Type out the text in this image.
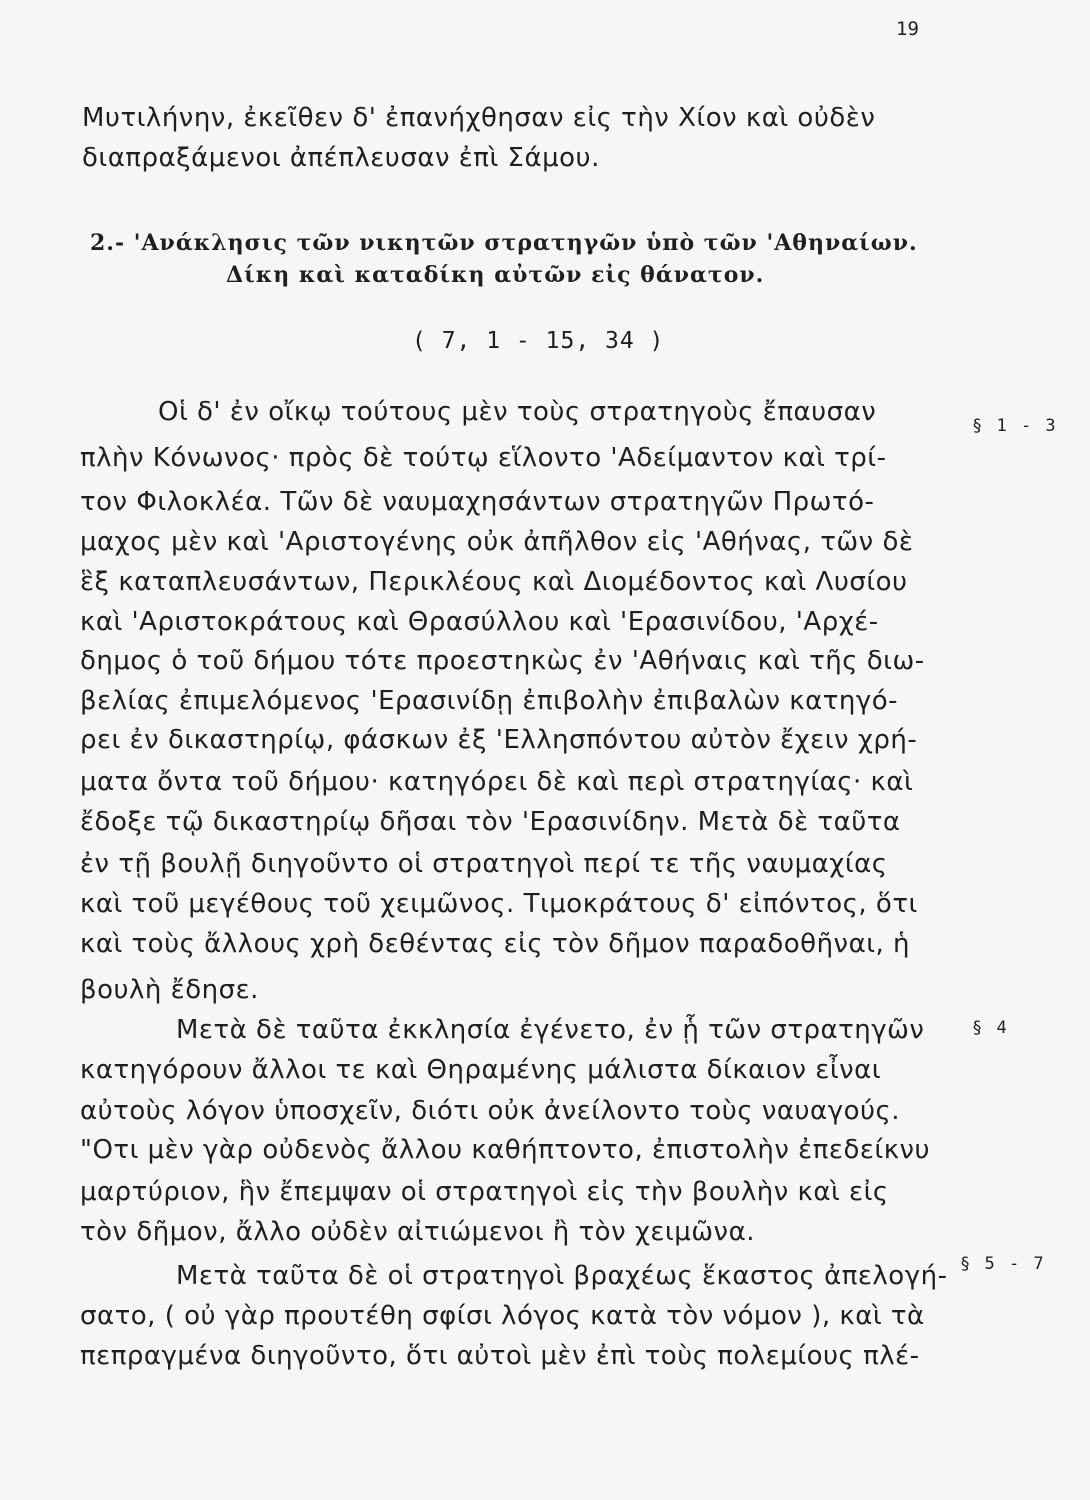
19
Μυτιλήνην, ἐκεῖθεν δ' ἐπανήχθησαν εἰς τὴν Χίον καὶ οὐδὲν
διαπραξάμενοι ἀπέπλευσαν ἐπὶ Σάμου.
2.- 'Ανάκλησις τῶν νικητῶν στρατηγῶν ὑπὸ τῶν 'Αθηναίων.
Δίκη καὶ καταδίκη αὐτῶν εἰς θάνατον.
( 7, 1 - 15, 34 )
Οἱ δ' ἐν οἴκῳ τούτους μὲν τοὺς στρατηγοὺς ἔπαυσαν
πλὴν Κόνωνος· πρὸς δὲ τούτῳ εἵλοντο 'Αδείμαντον καὶ τρί-
τον Φιλοκλέα. Τῶν δὲ ναυμαχησάντων στρατηγῶν Πρωτό-
μαχος μὲν καὶ 'Αριστογένης οὐκ ἀπῆλθον εἰς 'Αθήνας, τῶν δὲ
ἓξ καταπλευσάντων, Περικλέους καὶ Διομέδοντος καὶ Λυσίου
καὶ 'Αριστοκράτους καὶ Θρασύλλου καὶ 'Ερασινίδου, 'Αρχέ-
δημος ὁ τοῦ δήμου τότε προεστηκὼς ἐν 'Αθήναις καὶ τῆς διω-
βελίας ἐπιμελόμενος 'Ερασινίδῃ ἐπιβολὴν ἐπιβαλὼν κατηγό-
ρει ἐν δικαστηρίῳ, φάσκων ἐξ 'Ελλησπόντου αὐτὸν ἔχειν χρή-
ματα ὄντα τοῦ δήμου· κατηγόρει δὲ καὶ περὶ στρατηγίας· καὶ
ἔδοξε τῷ δικαστηρίῳ δῆσαι τὸν 'Ερασινίδην. Μετὰ δὲ ταῦτα
ἐν τῇ βουλῇ διηγοῦντο οἱ στρατηγοὶ περί τε τῆς ναυμαχίας
καὶ τοῦ μεγέθους τοῦ χειμῶνος. Τιμοκράτους δ' εἰπόντος, ὅτι
καὶ τοὺς ἄλλους χρὴ δεθέντας εἰς τὸν δῆμον παραδοθῆναι, ἡ
βουλὴ ἔδησε.
Μετὰ δὲ ταῦτα ἐκκλησία ἐγένετο, ἐν ᾗ τῶν στρατηγῶν
κατηγόρουν ἄλλοι τε καὶ Θηραμένης μάλιστα δίκαιον εἶναι
αὐτοὺς λόγον ὑποσχεῖν, διότι οὐκ ἀνείλοντο τοὺς ναυαγούς.
"Οτι μὲν γὰρ οὐδενὸς ἄλλου καθήπτοντο, ἐπιστολὴν ἐπεδείκνυ
μαρτύριον, ἣν ἔπεμψαν οἱ στρατηγοὶ εἰς τὴν βουλὴν καὶ εἰς
τὸν δῆμον, ἄλλο οὐδὲν αἰτιώμενοι ἢ τὸν χειμῶνα.
Μετὰ ταῦτα δὲ οἱ στρατηγοὶ βραχέως ἕκαστος ἀπελογή-
σατο, ( οὐ γὰρ προυτέθη σφίσι λόγος κατὰ τὸν νόμον ), καὶ τὰ
πεπραγμένα διηγοῦντο, ὅτι αὐτοὶ μὲν ἐπὶ τοὺς πολεμίους πλέ-
§ 1 - 3
§ 4
§ 5 - 7
